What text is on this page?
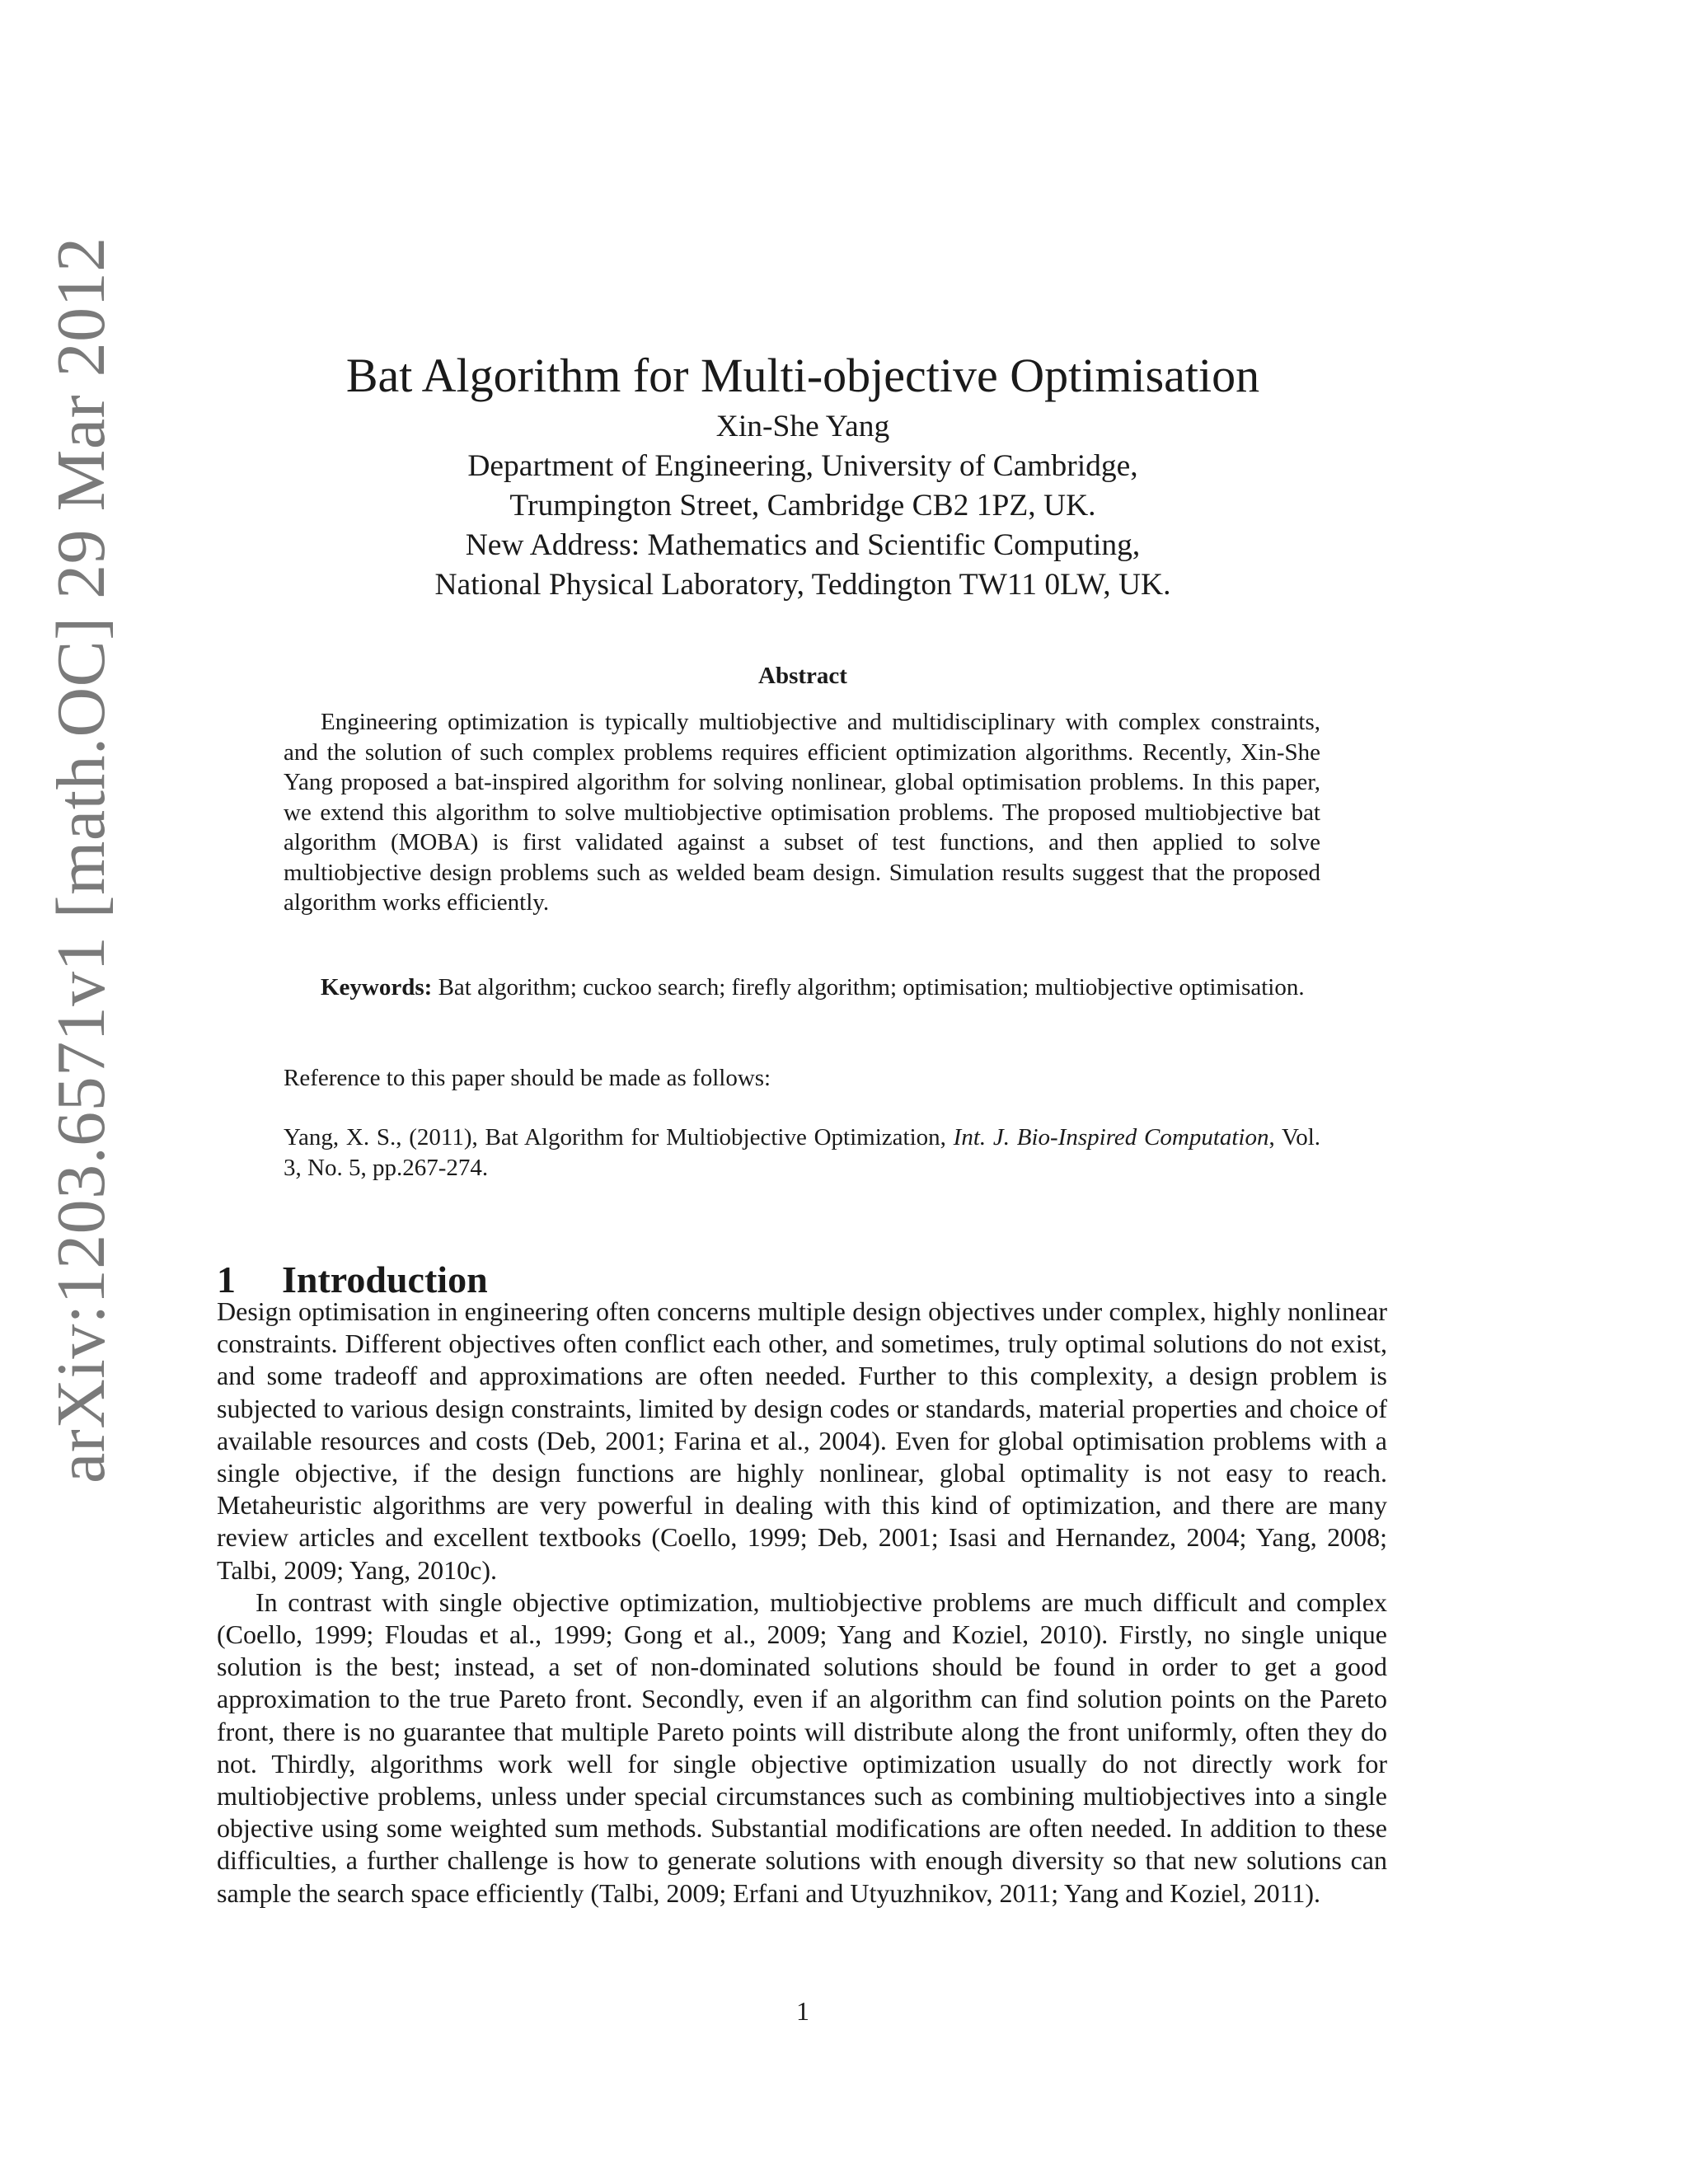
arXiv:1203.6571v1 [math.OC] 29 Mar 2012	Bat Algorithm for Multi-objective Optimisation
Xin-She Yang
Department of Engineering, University of Cambridge,
Trumpington Street, Cambridge CB2 1PZ, UK.
New Address: Mathematics and Scientific Computing,
National Physical Laboratory, Teddington TW11 0LW, UK.
Abstract

Engineering optimization is typically multiobjective and multidisciplinary with complex constraints, and the solution of such complex problems requires efficient optimization algorithms. Recently, Xin-She Yang proposed a bat-inspired algorithm for solving nonlinear, global optimisation problems. In this paper, we extend this algorithm to solve multiobjective optimisation problems. The proposed multiobjective bat algorithm (MOBA) is first validated against a subset of test functions, and then applied to solve multiobjective design problems such as welded beam design. Simulation results suggest that the proposed algorithm works efficiently.

Keywords: Bat algorithm; cuckoo search; firefly algorithm; optimisation; multiobjective optimisation.

Reference to this paper should be made as follows:

Yang, X. S., (2011), Bat Algorithm for Multiobjective Optimization, Int. J. Bio-Inspired Computation, Vol. 3, No. 5, pp.267-274.

1 Introduction

Design optimisation in engineering often concerns multiple design objectives under complex, highly nonlinear constraints. Different objectives often conflict each other, and sometimes, truly optimal solutions do not exist, and some tradeoff and approximations are often needed. Further to this complexity, a design problem is subjected to various design constraints, limited by design codes or standards, material properties and choice of available resources and costs (Deb, 2001; Farina et al., 2004). Even for global optimisation problems with a single objective, if the design functions are highly nonlinear, global optimality is not easy to reach. Metaheuristic algorithms are very powerful in dealing with this kind of optimization, and there are many review articles and excellent textbooks (Coello, 1999; Deb, 2001; Isasi and Hernandez, 2004; Yang, 2008; Talbi, 2009; Yang, 2010c).

In contrast with single objective optimization, multiobjective problems are much difficult and complex (Coello, 1999; Floudas et al., 1999; Gong et al., 2009; Yang and Koziel, 2010). Firstly, no single unique solution is the best; instead, a set of non-dominated solutions should be found in order to get a good approximation to the true Pareto front. Secondly, even if an algorithm can find solution points on the Pareto front, there is no guarantee that multiple Pareto points will distribute along the front uniformly, often they do not. Thirdly, algorithms work well for single objective optimization usually do not directly work for multiobjective problems, unless under special circumstances such as combining multiobjectives into a single objective using some weighted sum methods. Substantial modifications are often needed. In addition to these difficulties, a further challenge is how to generate solutions with enough diversity so that new solutions can sample the search space efficiently (Talbi, 2009; Erfani and Utyuzhnikov, 2011; Yang and Koziel, 2011).

1
